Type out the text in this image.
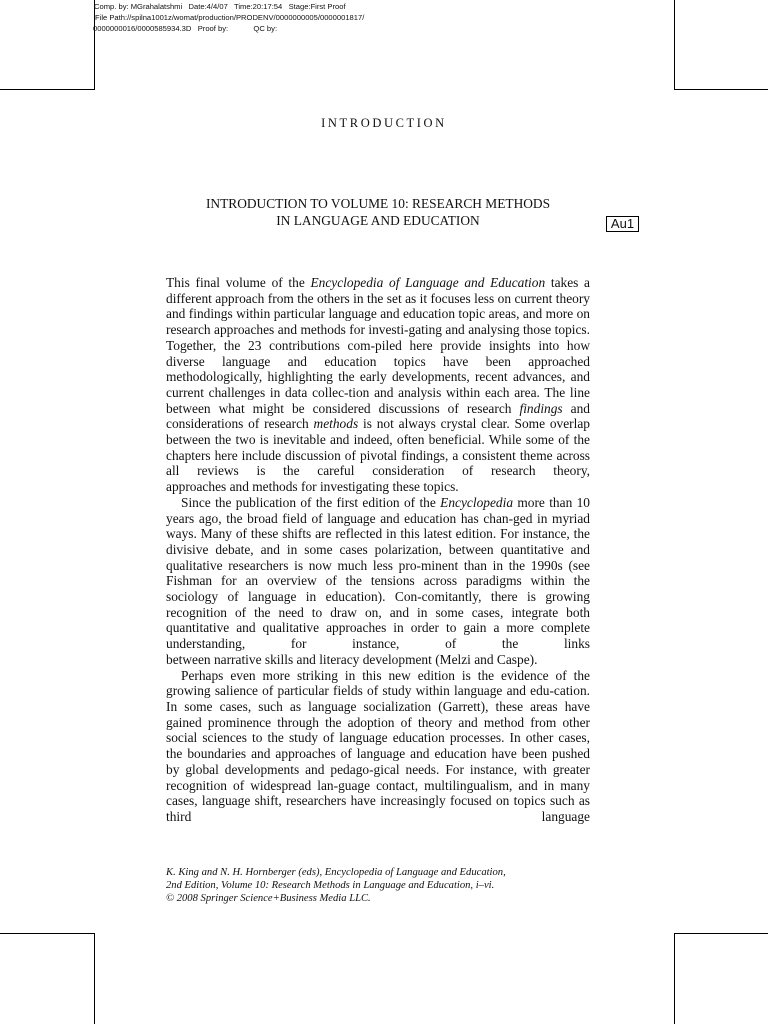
Comp. by: MGrahalatshmi   Date:4/4/07   Time:20:17:54   Stage:First Proof
File Path://spilna1001z/womat/production/PRODENV/0000000005/0000001817/
0000000016/0000585934.3D   Proof by:            QC by:
INTRODUCTION
INTRODUCTION TO VOLUME 10: RESEARCH METHODS
IN LANGUAGE AND EDUCATION	Au1

This final volume of the Encyclopedia of Language and Education takes a different approach from the others in the set as it focuses less on current theory and findings within particular language and education topic areas, and more on research approaches and methods for investi-gating and analysing those topics. Together, the 23 contributions com-piled here provide insights into how diverse language and education topics have been approached methodologically, highlighting the early developments, recent advances, and current challenges in data collec-tion and analysis within each area. The line between what might be considered discussions of research findings and considerations of research methods is not always crystal clear. Some overlap between the two is inevitable and indeed, often beneficial. While some of the chapters here include discussion of pivotal findings, a consistent theme across all reviews is the careful consideration of research theory,
approaches and methods for investigating these topics.

Since the publication of the first edition of the Encyclopedia more than 10 years ago, the broad field of language and education has chan-ged in myriad ways. Many of these shifts are reflected in this latest edition. For instance, the divisive debate, and in some cases polarization, between quantitative and qualitative researchers is now much less pro-minent than in the 1990s (see Fishman for an overview of the tensions across paradigms within the sociology of language in education). Con-comitantly, there is growing recognition of the need to draw on, and in some cases, integrate both quantitative and qualitative approaches in order to gain a more complete understanding, for instance, of the links
between narrative skills and literacy development (Melzi and Caspe).

Perhaps even more striking in this new edition is the evidence of the growing salience of particular fields of study within language and edu-cation. In some cases, such as language socialization (Garrett), these areas have gained prominence through the adoption of theory and method from other social sciences to the study of language education processes. In other cases, the boundaries and approaches of language and education have been pushed by global developments and pedago-gical needs. For instance, with greater recognition of widespread lan-guage contact, multilingualism, and in many cases, language shift, researchers have increasingly focused on topics such as third language

K. King and N. H. Hornberger (eds), Encyclopedia of Language and Education,
2nd Edition, Volume 10: Research Methods in Language and Education, i–vi.
© 2008 Springer Science+Business Media LLC.
